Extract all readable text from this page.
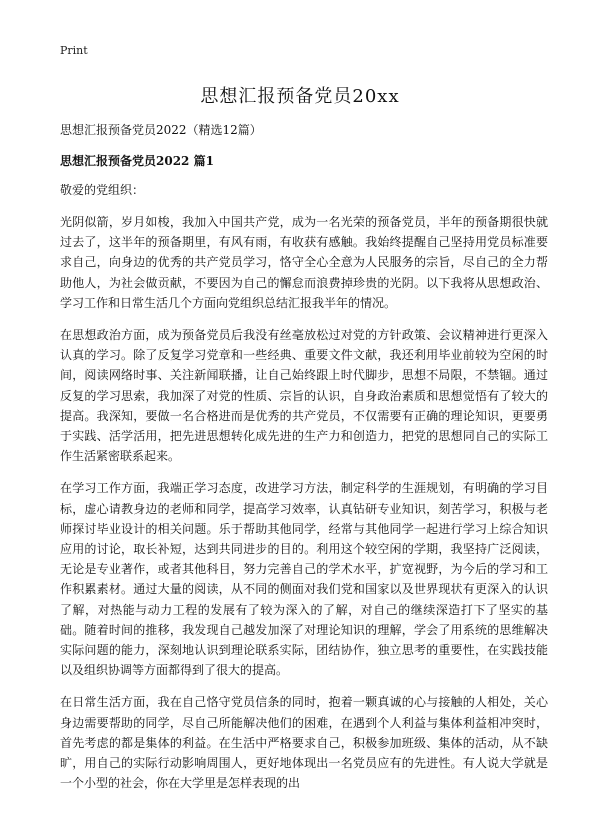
Print
思想汇报预备党员20xx
思想汇报预备党员2022（精选12篇）
思想汇报预备党员2022 篇1
敬爱的党组织：

光阴似箭，岁月如梭，我加入中国共产党，成为一名光荣的预备党员，半年的预备期很快就过去了，这半年的预备期里，有风有雨，有收获有感触。我始终提醒自己坚持用党员标准要求自己，向身边的优秀的共产党员学习，恪守全心全意为人民服务的宗旨，尽自己的全力帮助他人，为社会做贡献，不要因为自己的懈怠而浪费掉珍贵的光阴。以下我将从思想政治、学习工作和日常生活几个方面向党组织总结汇报我半年的情况。

在思想政治方面，成为预备党员后我没有丝毫放松过对党的方针政策、会议精神进行更深入认真的学习。除了反复学习党章和一些经典、重要文件文献，我还利用毕业前较为空闲的时间，阅读网络时事、关注新闻联播，让自己始终跟上时代脚步，思想不局限，不禁锢。通过反复的学习思索，我加深了对党的性质、宗旨的认识，自身政治素质和思想觉悟有了较大的提高。我深知，要做一名合格进而是优秀的共产党员，不仅需要有正确的理论知识，更要勇于实践、活学活用，把先进思想转化成先进的生产力和创造力，把党的思想同自己的实际工作生活紧密联系起来。

在学习工作方面，我端正学习态度，改进学习方法，制定科学的生涯规划，有明确的学习目标，虚心请教身边的老师和同学，提高学习效率，认真钻研专业知识，刻苦学习，积极与老师探讨毕业设计的相关问题。乐于帮助其他同学，经常与其他同学一起进行学习上综合知识应用的讨论，取长补短，达到共同进步的目的。利用这个较空闲的学期，我坚持广泛阅读，无论是专业著作，或者其他科目，努力完善自己的学术水平，扩宽视野，为今后的学习和工作积累素材。通过大量的阅读，从不同的侧面对我们党和国家以及世界现状有更深入的认识了解，对热能与动力工程的发展有了较为深入的了解，对自己的继续深造打下了坚实的基础。随着时间的推移，我发现自己越发加深了对理论知识的理解，学会了用系统的思维解决实际问题的能力，深刻地认识到理论联系实际，团结协作，独立思考的重要性，在实践技能以及组织协调等方面都得到了很大的提高。

在日常生活方面，我在自己恪守党员信条的同时，抱着一颗真诚的心与接触的人相处，关心身边需要帮助的同学，尽自己所能解决他们的困难，在遇到个人利益与集体利益相冲突时，首先考虑的都是集体的利益。在生活中严格要求自己，积极参加班级、集体的活动，从不缺旷，用自己的实际行动影响周围人，更好地体现出一名党员应有的先进性。有人说大学就是一个小型的社会，你在大学里是怎样表现的出
